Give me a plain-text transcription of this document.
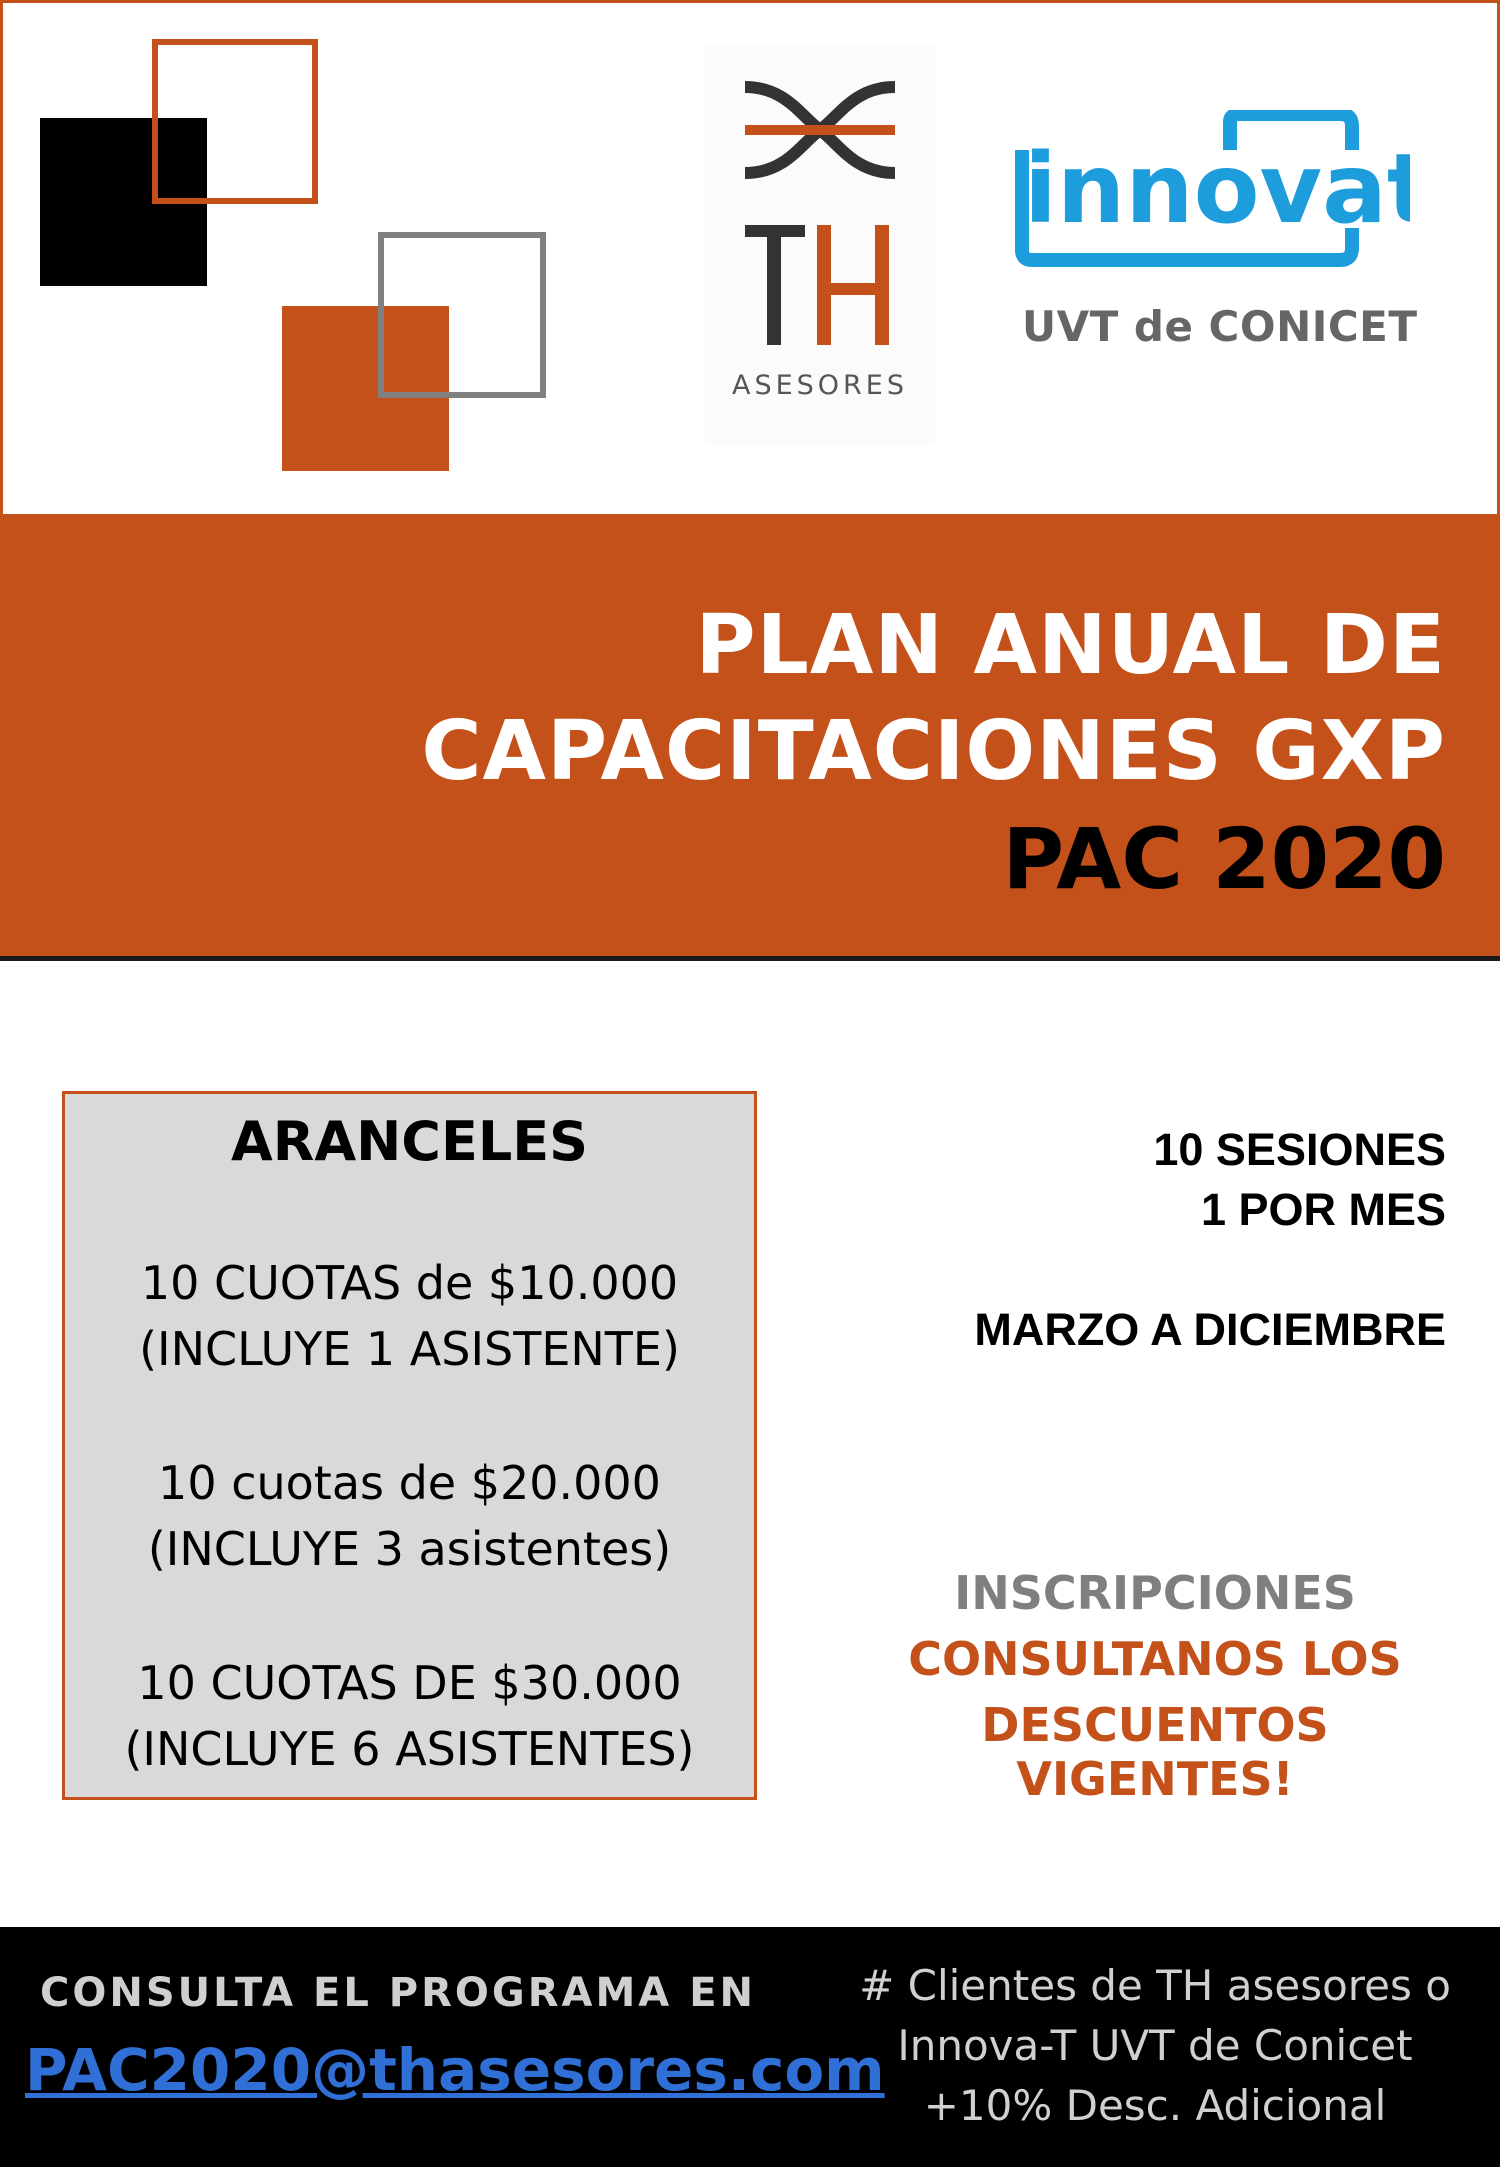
ASESORES
innovat
UVT de CONICET
PLAN ANUAL DE
CAPACITACIONES GXP
PAC 2020
ARANCELES
10 CUOTAS de $10.000
(INCLUYE 1 ASISTENTE)
10 cuotas de $20.000
(INCLUYE 3 asistentes)
10 CUOTAS DE $30.000
(INCLUYE 6 ASISTENTES)
10 SESIONES
1 POR MES
MARZO A DICIEMBRE
INSCRIPCIONES
CONSULTANOS LOS
DESCUENTOS VIGENTES!
CONSULTA EL PROGRAMA EN
PAC2020@thasesores.com
# Clientes de TH asesores o
Innova-T UVT de Conicet
+10% Desc. Adicional
